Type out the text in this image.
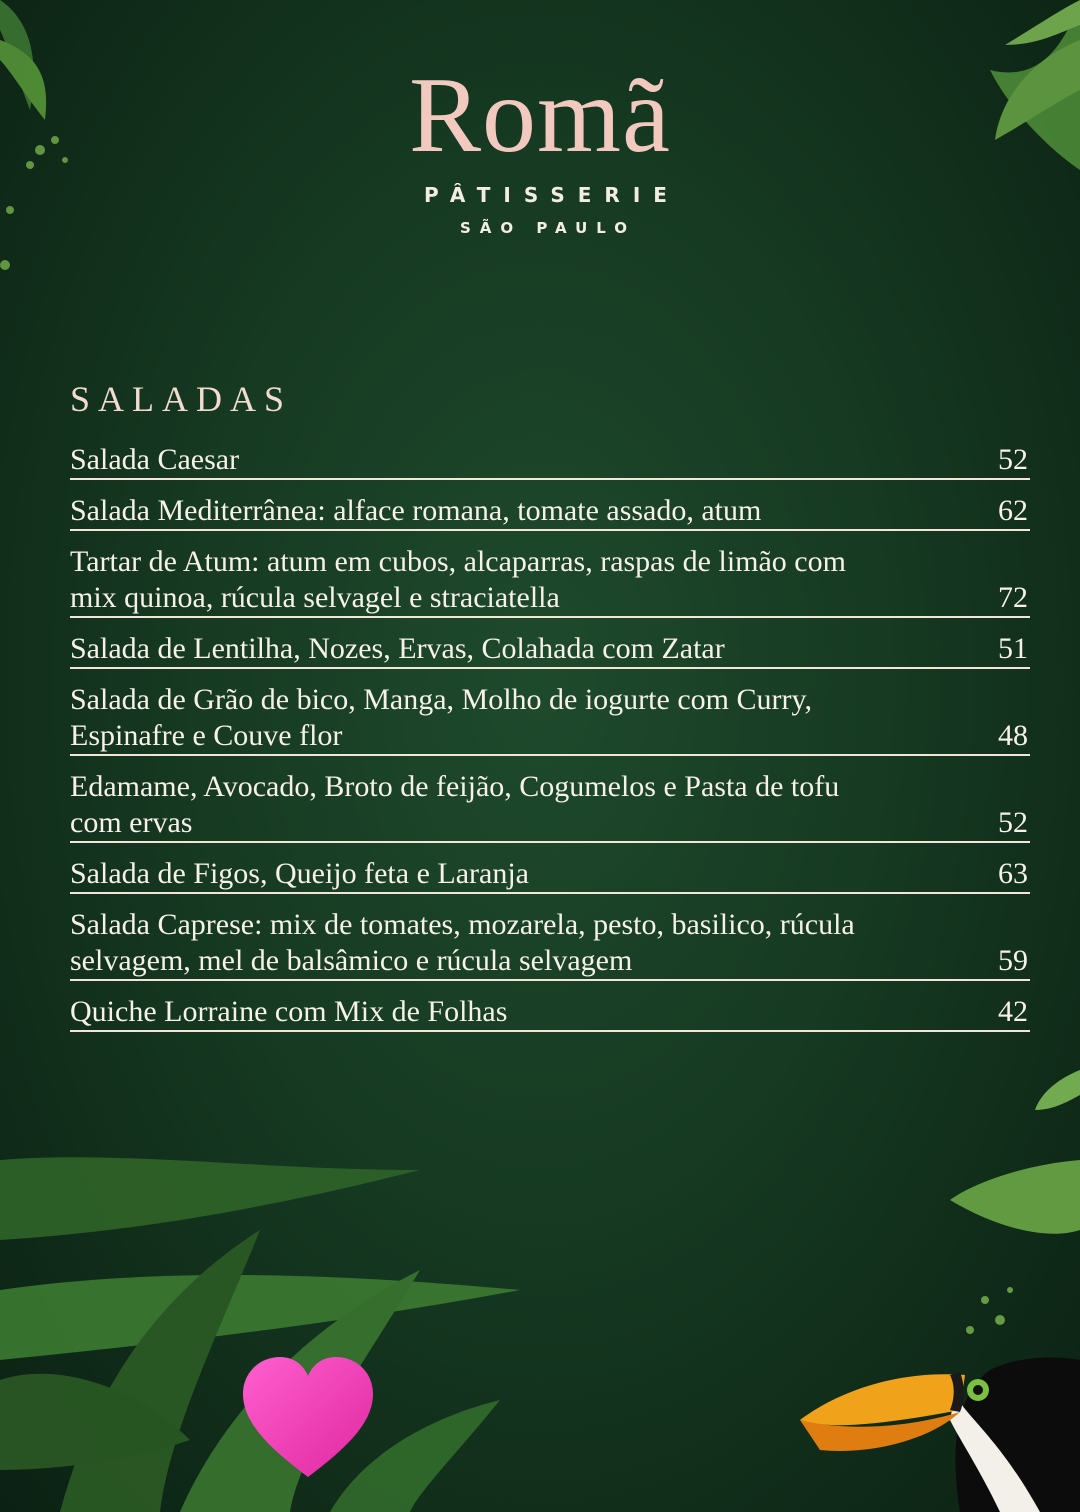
Romã
PÂTISSERIE
SÃO PAULO
SALADAS
Salada Caesar	52
Salada Mediterrânea: alface romana, tomate assado, atum	62
Tartar de Atum: atum em cubos, alcaparras, raspas de limão com mix quinoa, rúcula selvagel e straciatella	72
Salada de Lentilha, Nozes, Ervas, Colahada com Zatar	51
Salada de Grão de bico, Manga, Molho de iogurte com Curry, Espinafre e Couve flor	48
Edamame, Avocado, Broto de feijão, Cogumelos e Pasta de tofu com ervas	52
Salada de Figos, Queijo feta e Laranja	63
Salada Caprese: mix de tomates, mozarela, pesto, basilico, rúcula selvagem, mel de balsâmico e rúcula selvagem	59
Quiche Lorraine com Mix de Folhas	42
